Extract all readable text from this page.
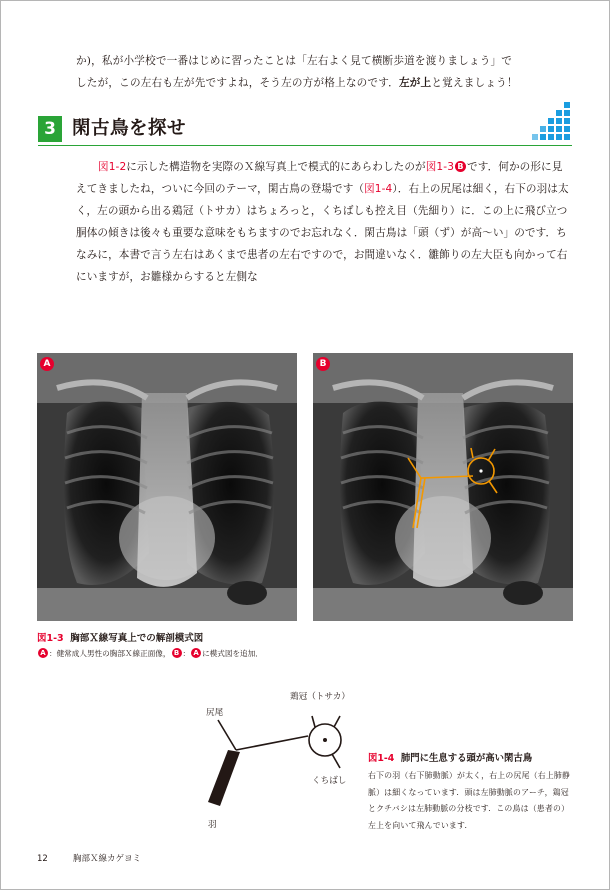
か)，私が小学校で一番はじめに習ったことは「左右よく見て横断歩道を渡りましょう」で
したが，この左右も左が先ですよね，そう左の方が格上なのです．左が上と覚えましょう！
3 閑古鳥を探せ
図1-2に示した構造物を実際のＸ線写真上で模式的にあらわしたのが図1-3 B です．何かの形に見えてきましたね，ついに今回のテーマ，閑古鳥の登場です（図1-4）．右上の尻尾は細く，右下の羽は太く，左の頭から出る鶏冠（トサカ）はちょろっと，くちばしも控え目（先細り）に．この上に飛び立つ胴体の傾きは後々も重要な意味をもちますのでお忘れなく．閑古鳥は「頭（ず）が高〜い」のです．ちなみに，本書で言う左右はあくまで患者の左右ですので，お間違いなく．雛飾りの左大臣も向かって右にいますが，お雛様からすると左側な
A	B
図1-3 胸部Ｘ線写真上での解剖模式図
A ：健常成人男性の胸部Ｘ線正面像， B ： A に模式図を追加．
尻尾
鶏冠（トサカ）
くちばし
羽
図1-4 肺門に生息する頭が高い閑古鳥
右下の羽（右下肺動脈）が太く，右上の尻尾（右上肺静脈）は細くなっています．頭は左肺動脈のアーチ，鶏冠とクチバシは左肺動脈の分枝です．この鳥は（患者の）左上を向いて飛んでいます．
12	胸部Ｘ線カゲヨミ
